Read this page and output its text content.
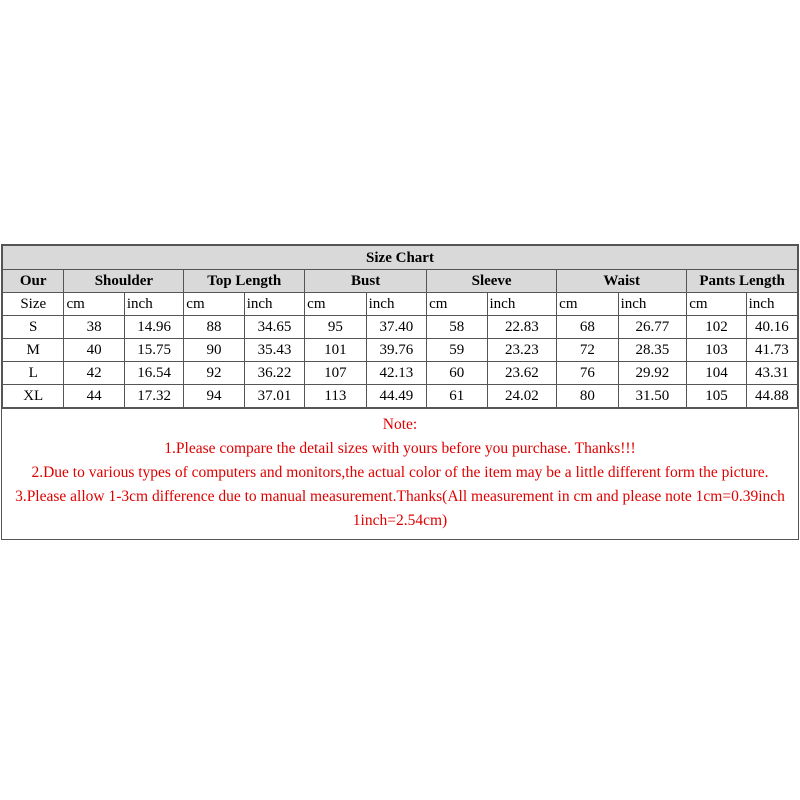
Size Chart												
Our	Shoulder		Top Length		Bust		Sleeve		Waist		Pants Length	
Size	cm	inch	cm	inch	cm	inch	cm	inch	cm	inch	cm	inch
S	38	14.96	88	34.65	95	37.40	58	22.83	68	26.77	102	40.16
M	40	15.75	90	35.43	101	39.76	59	23.23	72	28.35	103	41.73
L	42	16.54	92	36.22	107	42.13	60	23.62	76	29.92	104	43.31
XL	44	17.32	94	37.01	113	44.49	61	24.02	80	31.50	105	44.88

Note:

1.Please compare the detail sizes with yours before you purchase. Thanks!!!

2.Due to various types of computers and monitors,the actual color of the item may be a little different form the picture.

3.Please allow 1-3cm difference due to manual measurement.Thanks(All measurement in cm and please note 1cm=0.39inch 1inch=2.54cm)
